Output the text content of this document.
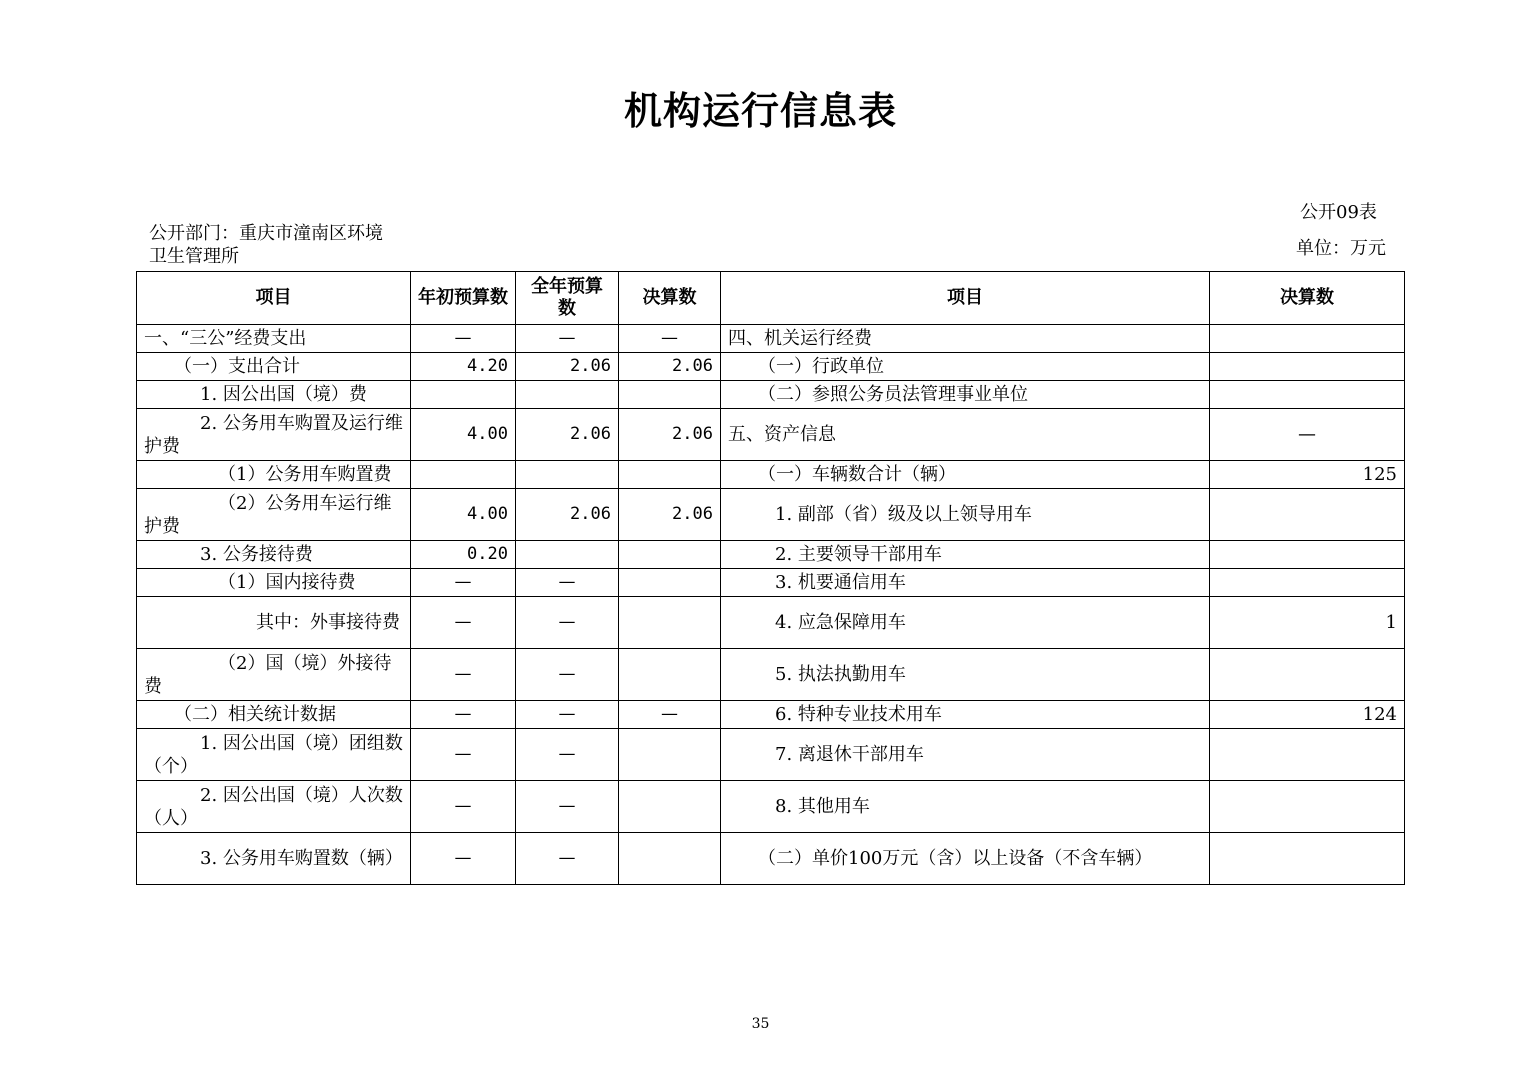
机构运行信息表
公开09表
单位：万元
公开部门：重庆市潼南区环境卫生管理所
项目	年初预算数	全年预算数	决算数	项目	决算数
一、“三公”经费支出	—	—	—	四、机关运行经费	
（一）支出合计	4.20	2.06	2.06	（一）行政单位	
1. 因公出国（境）费				（二）参照公务员法管理事业单位	
2. 公务用车购置及运行维护费	4.00	2.06	2.06	五、资产信息	—
（1）公务用车购置费				（一）车辆数合计（辆）	125
（2）公务用车运行维护费	4.00	2.06	2.06	1. 副部（省）级及以上领导用车	
3. 公务接待费	0.20			2. 主要领导干部用车	
（1）国内接待费	—	—		3. 机要通信用车	
其中：外事接待费	—	—		4. 应急保障用车	1
（2）国（境）外接待费	—	—		5. 执法执勤用车	
（二）相关统计数据	—	—	—	6. 特种专业技术用车	124
1. 因公出国（境）团组数（个）	—	—		7. 离退休干部用车	
2. 因公出国（境）人次数（人）	—	—		8. 其他用车	
3. 公务用车购置数（辆）	—	—		（二）单价100万元（含）以上设备（不含车辆）	
35
